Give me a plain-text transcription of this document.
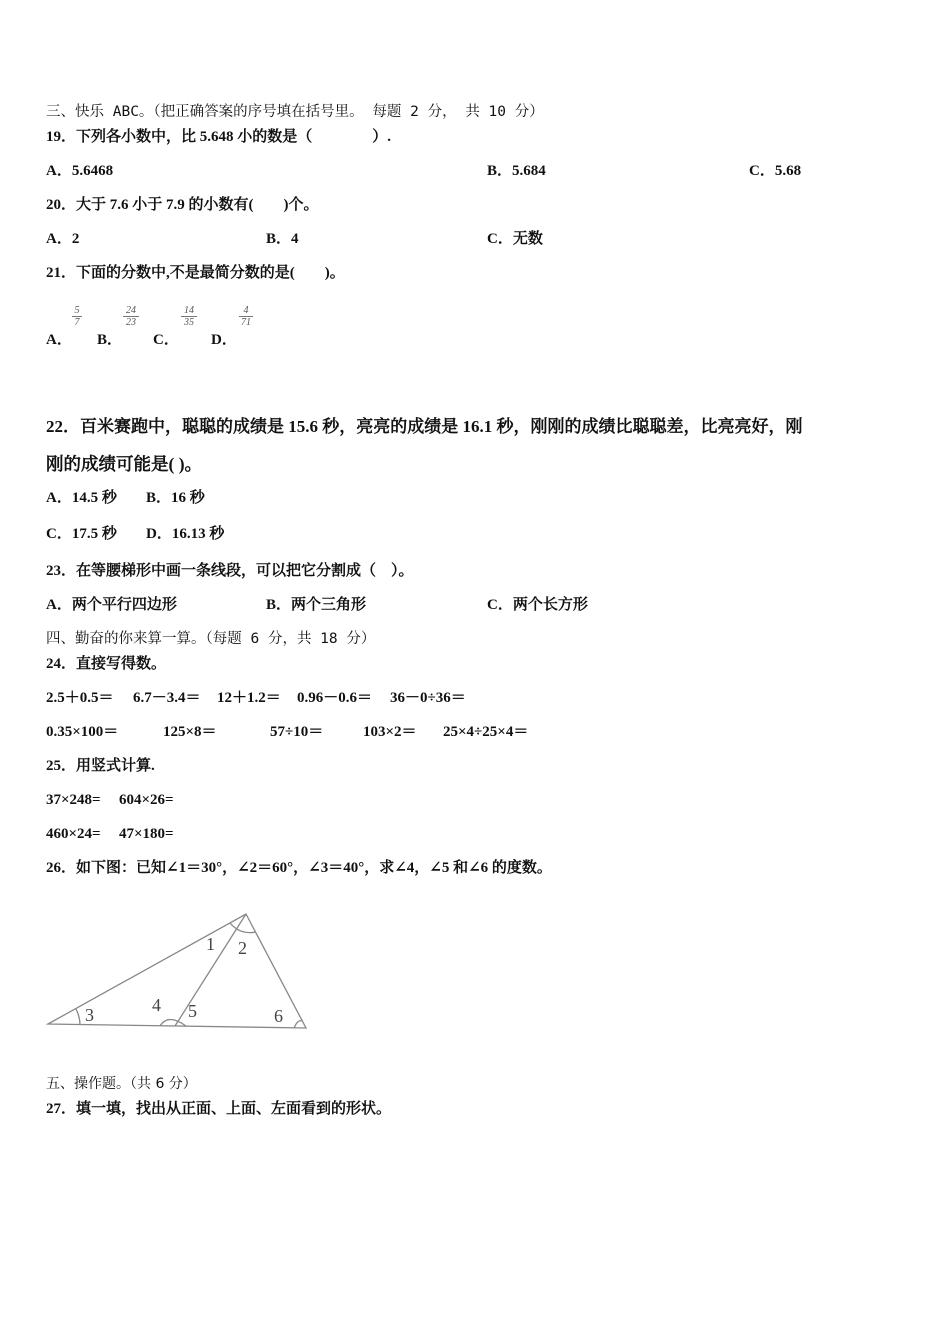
三、快乐 ABC。（把正确答案的序号填在括号里。 每题 2 分， 共 10 分）
19．下列各小数中，比 5.648 小的数是（　　　　）.
A．5.6468	B．5.684	C．5.68
20．大于 7.6 小于 7.9 的小数有(　　)个。
A．2	B．4	C．无数
21．下面的分数中,不是最简分数的是(　　)。
A． B． C． D．
5
7
24
23
14
35
4
71
22．百米赛跑中，聪聪的成绩是 15.6 秒，亮亮的成绩是 16.1 秒，刚刚的成绩比聪聪差，比亮亮好，刚
刚的成绩可能是( )。
A．14.5 秒 B．16 秒
C．17.5 秒 D．16.13 秒
23．在等腰梯形中画一条线段，可以把它分割成（　）。
A．两个平行四边形	B．两个三角形	C．两个长方形
四、勤奋的你来算一算。（每题 6 分，共 18 分）
24．直接写得数。
2.5＋0.5＝ 6.7－3.4＝ 12＋1.2＝ 0.96－0.6＝ 36－0÷36＝
0.35×100＝	125×8＝	57÷10＝	103×2＝ 25×4÷25×4＝
25．用竖式计算.
37×248= 604×26=
460×24= 47×180=
26．如下图：已知∠1＝30°，∠2＝60°，∠3＝40°，求∠4，∠5 和∠6 的度数。
1 2
3	4 5	6
五、操作题。（共 6 分）
27．填一填，找出从正面、上面、左面看到的形状。
